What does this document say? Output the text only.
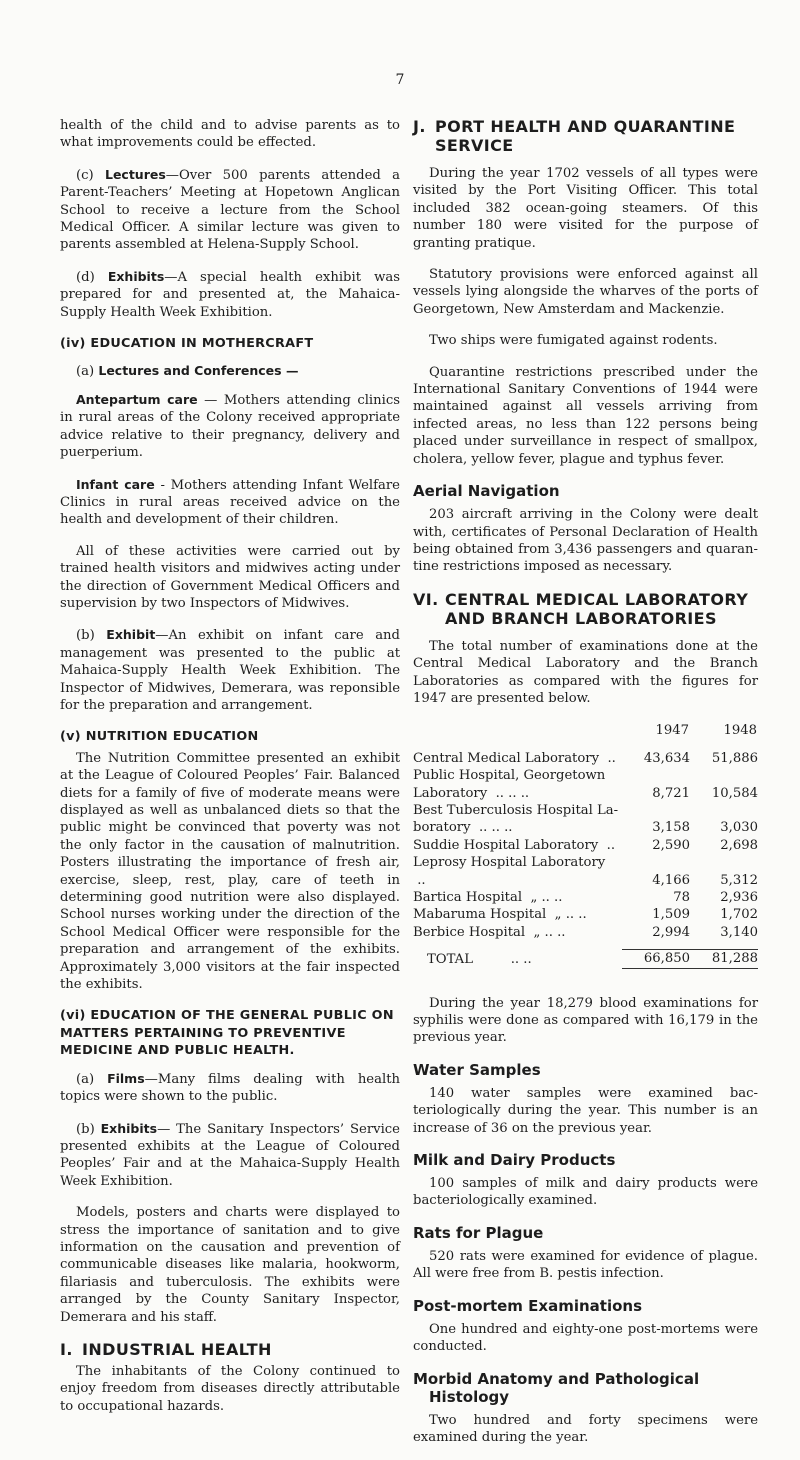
7

health of the child and to advise parents as to what improvements could be effected.

(c) Lectures—Over 500 parents attended a Parent-Teachers’ Meeting at Hopetown Anglican School to receive a lecture from the School Medical Officer. A similar lecture was given to parents assembled at Helena-Supply School.

(d) Exhibits—A special health exhibit was prepared for and presented at, the Mahaica-Supply Health Week Exhibition.

(iv) EDUCATION IN MOTHERCRAFT

(a) Lectures and Conferences —

Antepartum care — Mothers attending clinics in rural areas of the Colony received appropriate advice relative to their pregnancy, delivery and puerperium.

Infant care - Mothers attending Infant Welfare Clinics in rural areas received advice on the health and development of their children.

All of these activities were carried out by trained health visitors and midwives acting under the direction of Government Medical Officers and supervision by two Inspectors of Midwives.

(b) Exhibit—An exhibit on infant care and management was presented to the public at Mahaica-Supply Health Week Exhibition. The Inspector of Midwives, Demerara, was reponsible for the preparation and arrangement.

(v) NUTRITION EDUCATION

The Nutrition Committee presented an exhibit at the League of Coloured Peoples’ Fair. Balanced diets for a family of five of moderate means were displayed as well as unbalanced diets so that the public might be convinced that poverty was not the only factor in the causation of malnutrition. Posters illustrating the importance of fresh air, exercise, sleep, rest, play, care of teeth in determining good nutrition were also displayed. School nurses working under the direction of the School Medical Officer were responsible for the preparation and arrangement of the exhibits. Approximately 3,000 visitors at the fair inspected the exhibits.

(vi) EDUCATION OF THE GENERAL PUBLIC ON MATTERS PERTAINING TO PREVENTIVE MEDICINE AND PUBLIC HEALTH.

(a) Films—Many films dealing with health topics were shown to the public.

(b) Exhibits— The Sanitary Inspectors’ Service presented exhibits at the League of Coloured Peoples’ Fair and at the Mahaica-Supply Health Week Exhibition.

Models, posters and charts were displayed to stress the importance of sanitation and to give information on the causation and prevention of communicable diseases like malaria, hookworm, filariasis and tuberculosis. The exhibits were arranged by the County Sanitary Inspector, Demerara and his staff.

I. INDUSTRIAL HEALTH

The inhabitants of the Colony continued to enjoy freedom from diseases directly attributable to occupational hazards.

J. PORT HEALTH AND QUARANTINE
SERVICE

During the year 1702 vessels of all types were visited by the Port Visiting Officer. This total included 382 ocean-going steamers. Of this number 180 were visited for the purpose of granting pratique.

Statutory provisions were enforced against all vessels lying alongside the wharves of the ports of Georgetown, New Amsterdam and Mackenzie.

Two ships were fumigated against rodents.

Quarantine restrictions prescribed under the International Sanitary Conventions of 1944 were maintained against all vessels arriving from infected areas, no less than 122 persons being placed under surveillance in respect of smallpox, cholera, yellow fever, plague and typhus fever.

Aerial Navigation

203 aircraft arriving in the Colony were dealt with, certificates of Personal Declaration of Health being obtained from 3,436 passengers and quarantine restrictions imposed as necessary.

VI. CENTRAL MEDICAL LABORATORY
AND BRANCH LABORATORIES

The total number of examinations done at the Central Medical Laboratory and the Branch Laboratories as compared with the figures for 1947 are presented below.

	1947	1948
Central Medical Laboratory ..	43,634	51,886
Public Hospital, Georgetown
Laboratory .. .. ..	8,721	10,584
Best Tuberculosis Hospital La-
boratory .. .. ..	3,158	3,030
Suddie Hospital Laboratory ..	2,590	2,698
Leprosy Hospital Laboratory  ..	4,166	5,312
Bartica Hospital „ .. ..	78	2,936
Mabaruma Hospital „ .. ..	1,509	1,702
Berbice Hospital „ .. ..	2,994	3,140

TOTAL .. ..	66,850	81,288

During the year 18,279 blood examinations for syphilis were done as compared with 16,179 in the previous year.

Water Samples

140 water samples were examined bacteriologically during the year. This number is an increase of 36 on the previous year.

Milk and Dairy Products

100 samples of milk and dairy products were bacteriologically examined.

Rats for Plague

520 rats were examined for evidence of plague. All were free from B. pestis infection.

Post-mortem Examinations

One hundred and eighty-one post-mortems were conducted.

Morbid Anatomy and Pathological
Histology

Two hundred and forty specimens were examined during the year.
